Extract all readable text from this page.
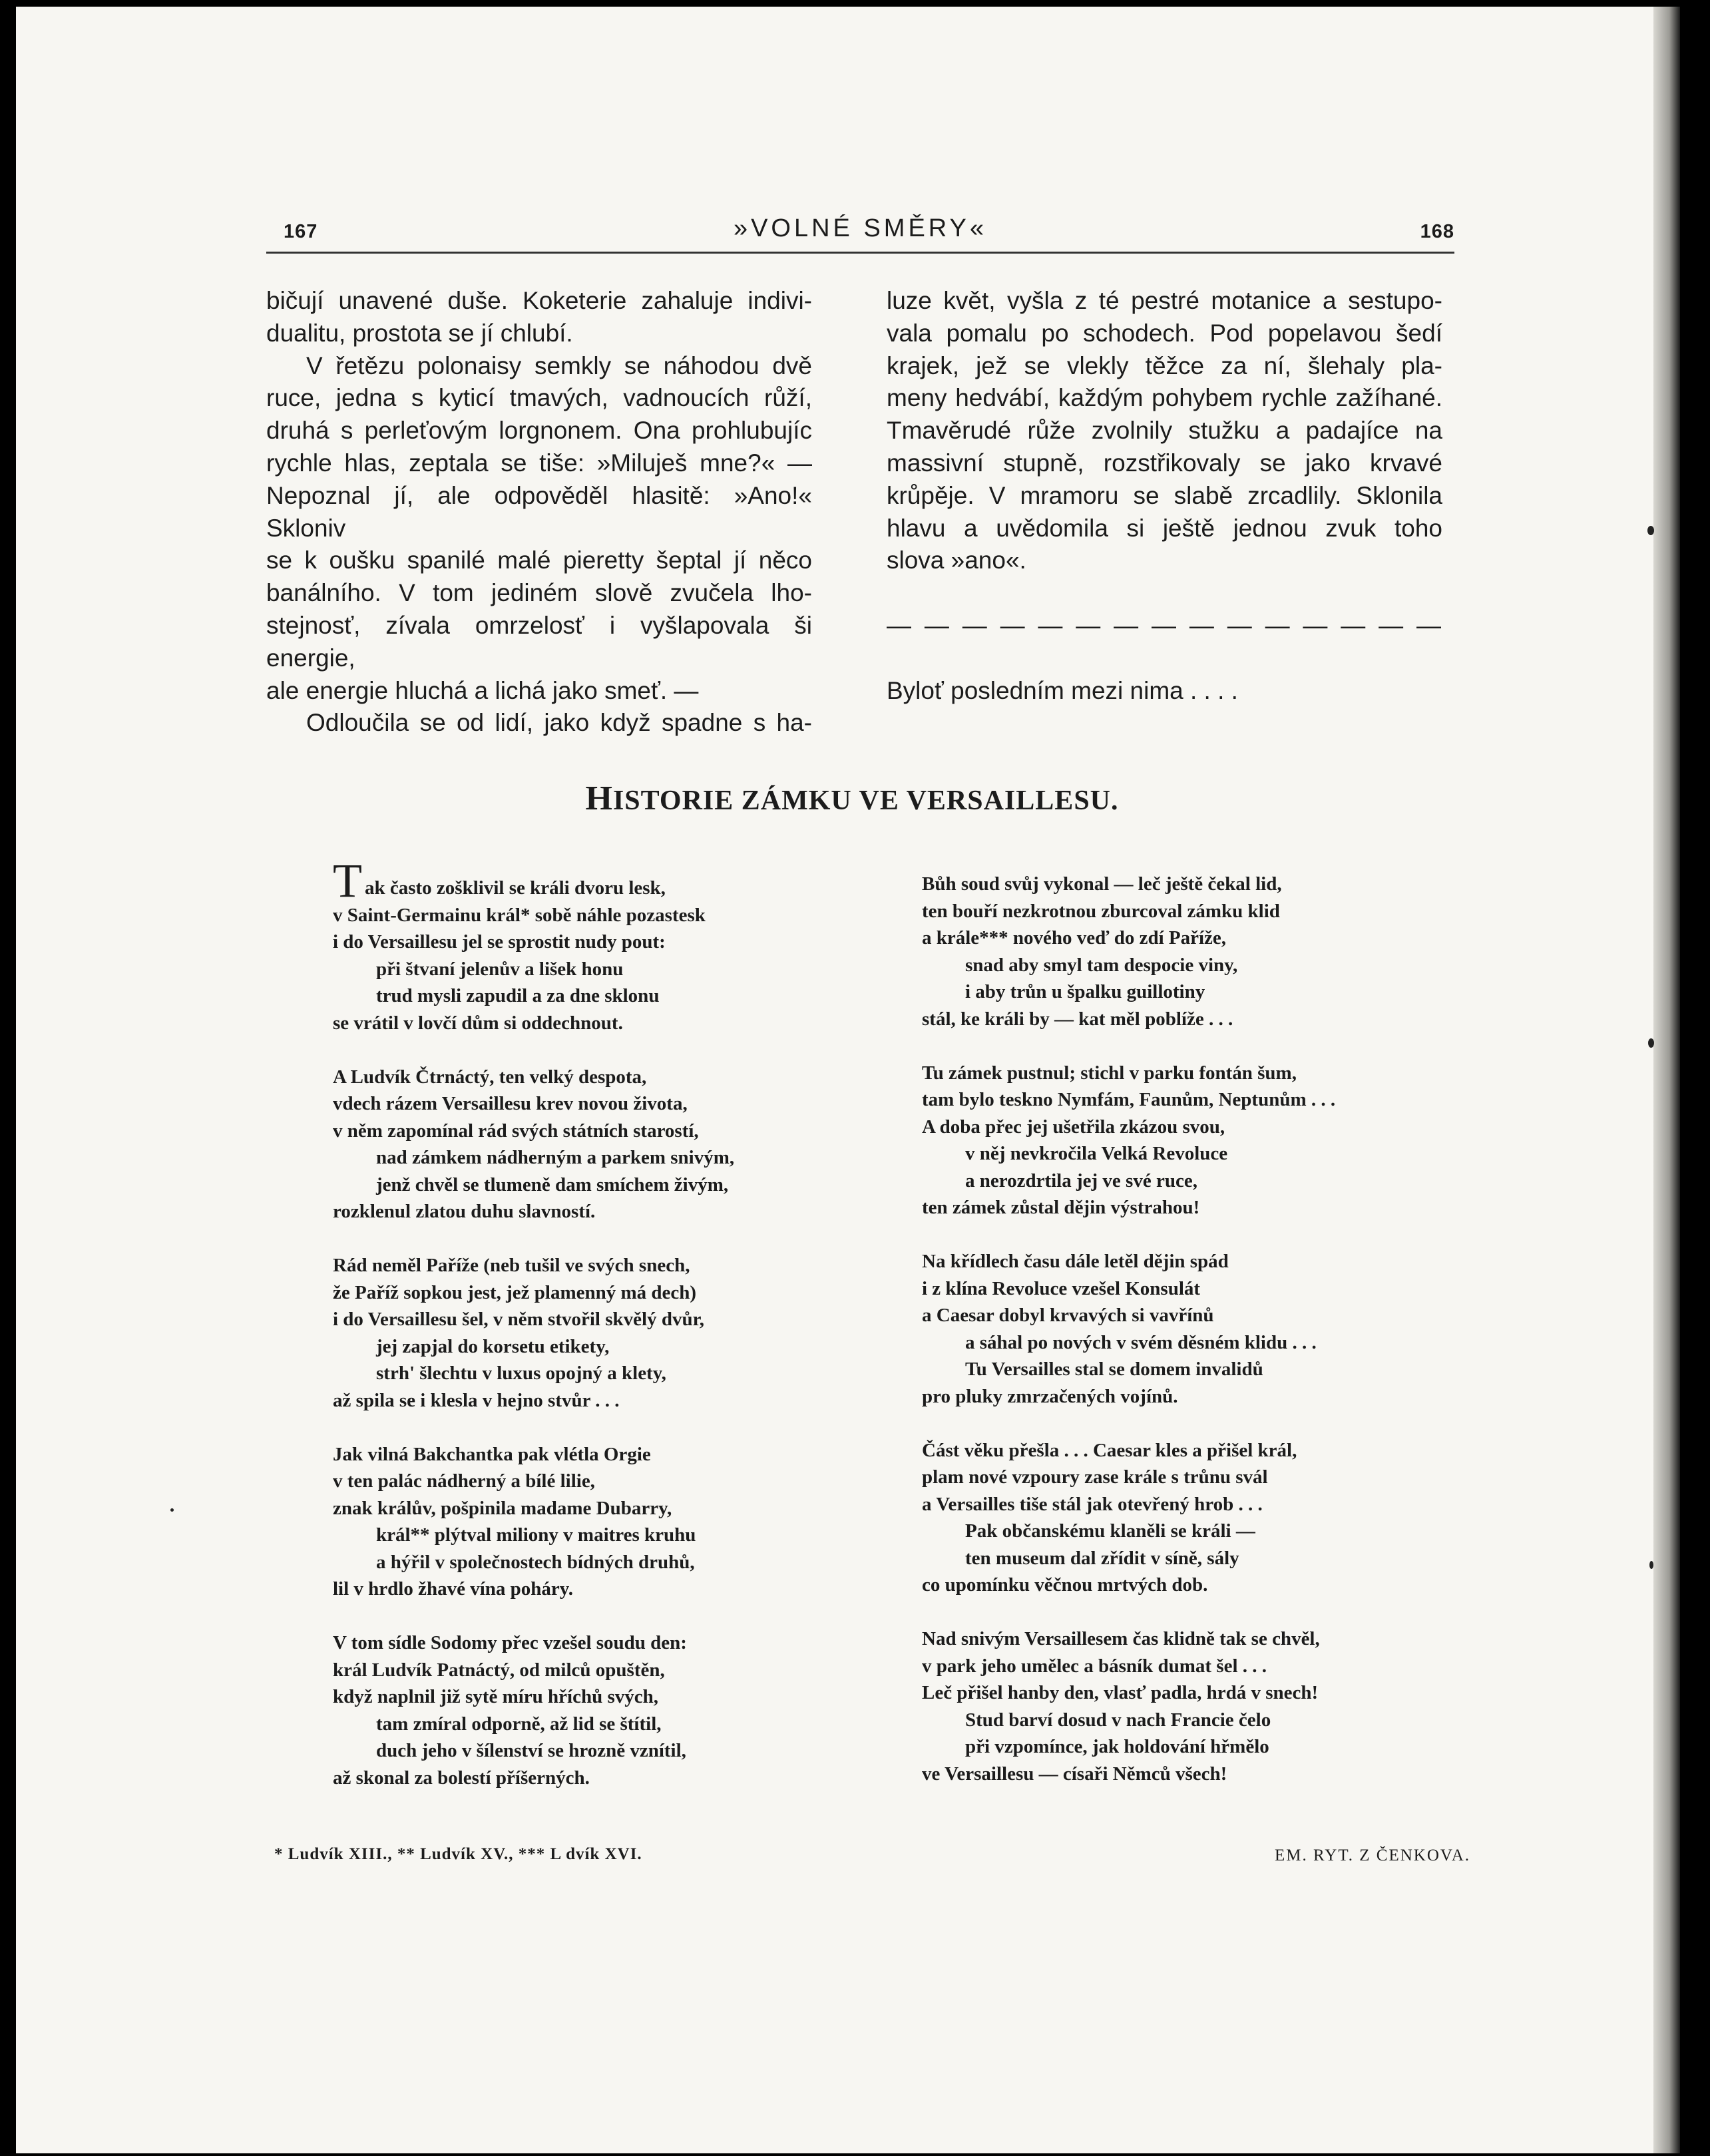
167	»VOLNÉ SMĚRY«	168
bičují unavené duše. Koketerie zahaluje indivi-
dualitu, prostota se jí chlubí.
V řetězu polonaisy semkly se náhodou dvě
ruce, jedna s kyticí tmavých, vadnoucích růží,
druhá s perleťovým lorgnonem. Ona prohlubujíc
rychle hlas, zeptala se tiše: »Miluješ mne?« —
Nepoznal jí, ale odpověděl hlasitě: »Ano!« Skloniv
se k oušku spanilé malé pieretty šeptal jí něco
banálního. V tom jediném slově zvučela lho-
stejnosť, zívala omrzelosť i vyšlapovala ši energie,
ale energie hluchá a lichá jako smeť. —
Odloučila se od lidí, jako když spadne s ha-
luze květ, vyšla z té pestré motanice a sestupo-
vala pomalu po schodech. Pod popelavou šedí
krajek, jež se vlekly těžce za ní, šlehaly pla-
meny hedvábí, každým pohybem rychle zažíhané.
Tmavěrudé růže zvolnily stužku a padajíce na
massivní stupně, rozstřikovaly se jako krvavé
krůpěje. V mramoru se slabě zrcadlily. Sklonila
hlavu a uvědomila si ještě jednou zvuk toho
slova »ano«.

— — — — — — — — — — — — — — —

Byloť posledním mezi nima . . . .
HISTORIE ZÁMKU VE VERSAILLESU.
Tak často zošklivil se králi dvoru lesk,
v Saint-Germainu král* sobě náhle pozastesk
i do Versaillesu jel se sprostit nudy pout:
při štvaní jelenův a lišek honu
trud mysli zapudil a za dne sklonu
se vrátil v lovčí dům si oddechnout.
A Ludvík Čtrnáctý, ten velký despota,
vdech rázem Versaillesu krev novou života,
v něm zapomínal rád svých státních starostí,
nad zámkem nádherným a parkem snivým,
jenž chvěl se tlumeně dam smíchem živým,
rozklenul zlatou duhu slavností.
Rád neměl Paříže (neb tušil ve svých snech,
že Paříž sopkou jest, jež plamenný má dech)
i do Versaillesu šel, v něm stvořil skvělý dvůr,
jej zapjal do korsetu etikety,
strh' šlechtu v luxus opojný a klety,
až spila se i klesla v hejno stvůr . . .
Jak vilná Bakchantka pak vlétla Orgie
v ten palác nádherný a bílé lilie,
znak králův, pošpinila madame Dubarry,
král** plýtval miliony v maitres kruhu
a hýřil v společnostech bídných druhů,
lil v hrdlo žhavé vína poháry.
V tom sídle Sodomy přec vzešel soudu den:
král Ludvík Patnáctý, od milců opuštěn,
když naplnil již sytě míru hříchů svých,
tam zmíral odporně, až lid se štítil,
duch jeho v šílenství se hrozně vznítil,
až skonal za bolestí příšerných.
Bůh soud svůj vykonal — leč ještě čekal lid,
ten bouří nezkrotnou zburcoval zámku klid
a krále*** nového veď do zdí Paříže,
snad aby smyl tam despocie viny,
i aby trůn u špalku guillotiny
stál, ke králi by — kat měl poblíže . . .
Tu zámek pustnul; stichl v parku fontán šum,
tam bylo teskno Nymfám, Faunům, Neptunům . . .
A doba přec jej ušetřila zkázou svou,
v něj nevkročila Velká Revoluce
a nerozdrtila jej ve své ruce,
ten zámek zůstal dějin výstrahou!
Na křídlech času dále letěl dějin spád
i z klína Revoluce vzešel Konsulát
a Caesar dobyl krvavých si vavřínů
a sáhal po nových v svém děsném klidu . . .
Tu Versailles stal se domem invalidů
pro pluky zmrzačených vojínů.
Část věku přešla . . . Caesar kles a přišel král,
plam nové vzpoury zase krále s trůnu svál
a Versailles tiše stál jak otevřený hrob . . .
Pak občanskému klaněli se králi —
ten museum dal zřídit v síně, sály
co upomínku věčnou mrtvých dob.
Nad snivým Versaillesem čas klidně tak se chvěl,
v park jeho umělec a básník dumat šel . . .
Leč přišel hanby den, vlasť padla, hrdá v snech!
Stud barví dosud v nach Francie čelo
při vzpomínce, jak holdování hřmělo
ve Versaillesu — císaři Němců všech!
* Ludvík XIII., ** Ludvík XV., *** L dvík XVI.	EM. RYT. Z ČENKOVA.
